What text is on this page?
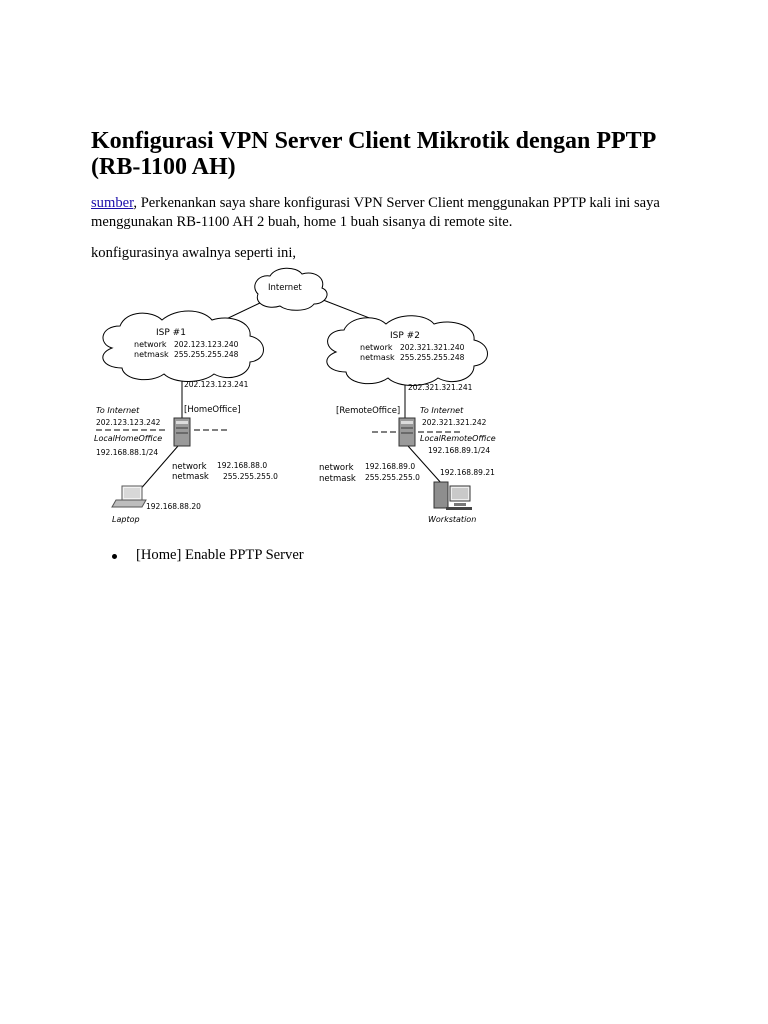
Konfigurasi VPN Server Client Mikrotik dengan PPTP (RB-1100 AH)

sumber, Perkenankan saya share konfigurasi VPN Server Client menggunakan PPTP kali ini saya menggunakan RB-1100 AH 2 buah, home 1 buah sisanya di remote site.

konfigurasinya awalnya seperti ini,

Internet
ISP #1
network 202.123.123.240
netmask 255.255.255.248
ISP #2
network 202.321.321.240
netmask 255.255.255.248
202.123.123.241	202.321.321.241
[HomeOffice]
To Internet
202.123.123.242
LocalHomeOffice
192.168.88.1/24
network 192.168.88.0
netmask 255.255.255.0
192.168.88.20
Laptop
[RemoteOffice] To Internet
202.321.321.242
LocalRemoteOffice
192.168.89.1/24
network 192.168.89.0
netmask 255.255.255.0
192.168.89.21
Workstation
[Home] Enable PPTP Server
